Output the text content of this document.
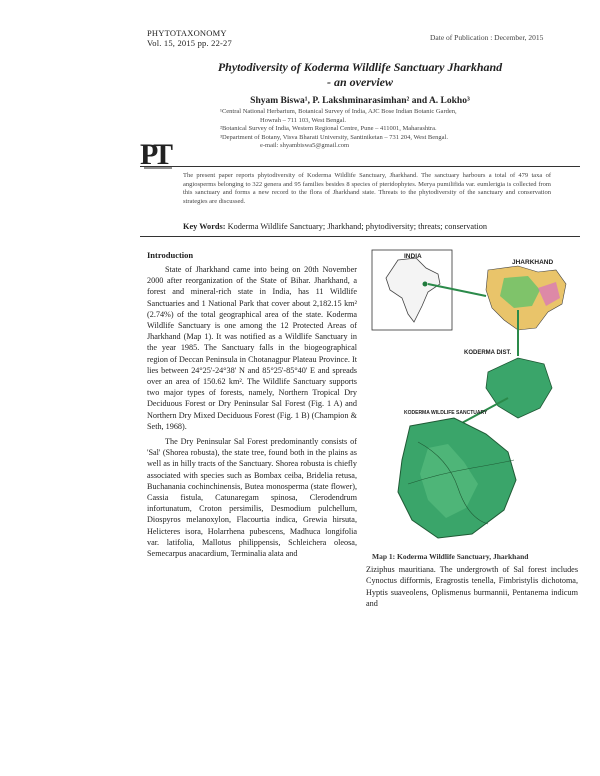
PHYTOTAXONOMY
Vol. 15, 2015 pp. 22-27
Date of Publication : December, 2015
Phytodiversity of Koderma Wildlife Sanctuary Jharkhand
- an overview
Shyam Biswa¹, P. Lakshminarasimhan² and A. Lokho³
¹Central National Herbarium, Botanical Survey of India, AJC Bose Indian Botanic Garden,
Howrah – 711 103, West Bengal.
²Botanical Survey of India, Western Regional Centre, Pune – 411001, Maharashtra.
³Department of Botany, Visva Bharati University, Santiniketan – 731 204, West Bengal.
e-mail: shyambiswa5@gmail.com
P
T
The present paper reports phytodiversity of Koderma Wildlife Sanctuary, Jharkhand. The sanctuary harbours a total of 479 taxa of angiosperms belonging to 322 genera and 95 families besides 8 species of pteridophytes. Merya pumilifida var. eumlerigia is collected from this sanctuary and forms a new record to the flora of Jharkhand state. Threats to the phytodiversity of the sanctuary and conservation strategies are discussed.
Key Words: Koderma Wildlife Sanctuary; Jharkhand; phytodiversity; threats; conservation
Introduction

State of Jharkhand came into being on 20th November 2000 after reorganization of the State of Bihar. Jharkhand, a forest and mineral-rich state in India, has 11 Wildlife Sanctuaries and 1 National Park that cover about 2,182.15 km² (2.74%) of the total geographical area of the state. Koderma Wildlife Sanctuary is one among the 12 Protected Areas of Jharkhand (Map 1). It was notified as a Wildlife Sanctuary in the year 1985. The Sanctuary falls in the biogeographical region of Deccan Peninsula in Chotanagpur Plateau Province. It lies between 24°25'-24°38' N and 85°25'-85°40' E and spreads over an area of 150.62 km². The Wildlife Sanctuary supports two major types of forests, namely, Northern Tropical Dry Deciduous Forest or Dry Peninsular Sal Forest (Fig. 1 A) and Northern Dry Mixed Deciduous Forest (Fig. 1 B) (Champion & Seth, 1968).

The Dry Peninsular Sal Forest predominantly consists of 'Sal' (Shorea robusta), the state tree, found both in the plains as well as in hilly tracts of the Sanctuary. Shorea robusta is chiefly associated with species such as Bombax ceiba, Bridelia retusa, Buchanania cochinchinensis, Butea monosperma (state flower), Cassia fistula, Catunaregam spinosa, Clerodendrum infortunatum, Croton persimilis, Desmodium pulchellum, Diospyros melanoxylon, Flacourtia indica, Grewia hirsuta, Helicteres isora, Holarrhena pubescens, Madhuca longifolia var. latifolia, Mallotus philippensis, Schleichera oleosa, Semecarpus anacardium, Terminalia alata and

INDIA
JHARKHAND
KODERMA DIST.
KODERMA WILDLIFE SANCTUARY
Map 1: Koderma Wildlife Sanctuary, Jharkhand
Ziziphus mauritiana. The undergrowth of Sal forest includes Cynoctus difformis, Eragrostis tenella, Fimbristylis dichotoma, Hyptis suaveolens, Oplismenus burmannii, Pentanema indicum and
